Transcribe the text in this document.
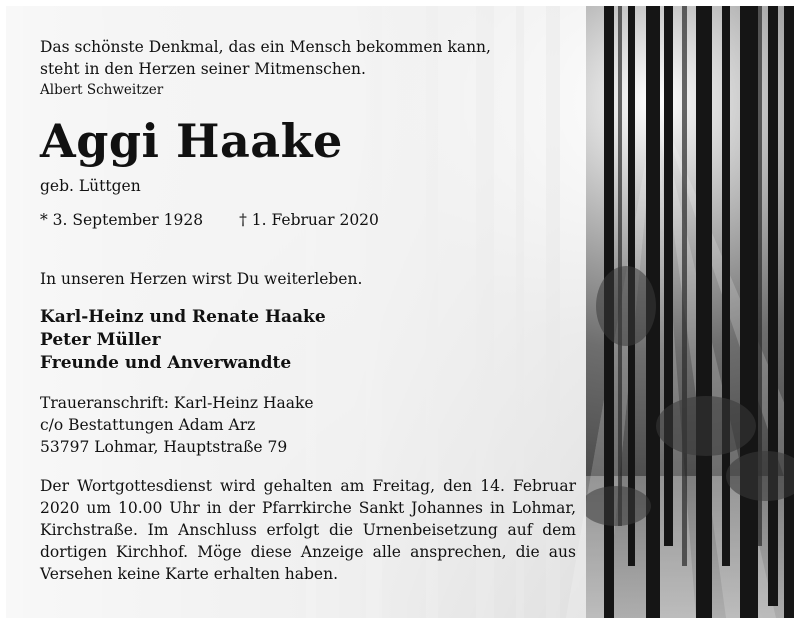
Das schönste Denkmal, das ein Mensch bekommen kann,
steht in den Herzen seiner Mitmenschen.
Albert Schweitzer
Aggi Haake
geb. Lüttgen
* 3. September 1928 † 1. Februar 2020
In unseren Herzen wirst Du weiterleben.
Karl-Heinz und Renate Haake
Peter Müller
Freunde und Anverwandte
Traueranschrift: Karl-Heinz Haake
c/o Bestattungen Adam Arz
53797 Lohmar, Hauptstraße 79
Der Wortgottesdienst wird gehalten am Freitag, den 14. Februar 2020 um 10.00 Uhr in der Pfarrkirche Sankt Johannes in Lohmar, Kirchstraße. Im Anschluss erfolgt die Urnenbeisetzung auf dem dortigen Kirchhof. Möge diese Anzeige alle ansprechen, die aus Versehen keine Karte erhalten haben.
